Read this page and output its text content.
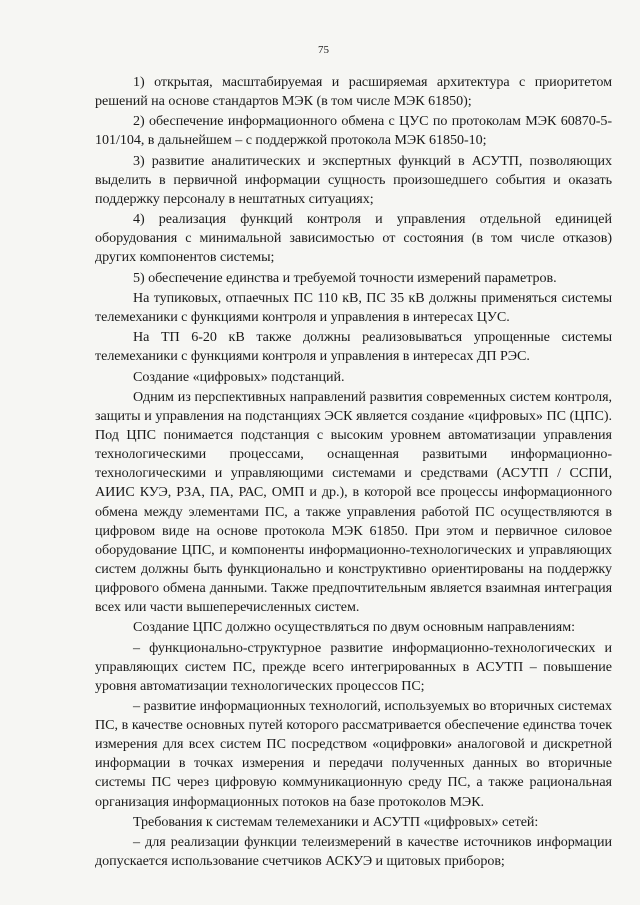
75

1) открытая, масштабируемая и расширяемая архитектура с приоритетом решений на основе стандартов МЭК (в том числе МЭК 61850);

2) обеспечение информационного обмена с ЦУС по протоколам МЭК 60870-5-101/104, в дальнейшем – с поддержкой протокола МЭК 61850-10;

3) развитие аналитических и экспертных функций в АСУТП, позволяющих выделить в первичной информации сущность произошедшего события и оказать поддержку персоналу в нештатных ситуациях;

4) реализация функций контроля и управления отдельной единицей оборудования с минимальной зависимостью от состояния (в том числе отказов) других компонентов системы;

5) обеспечение единства и требуемой точности измерений параметров.

На тупиковых, отпаечных ПС 110 кВ, ПС 35 кВ должны применяться системы телемеханики с функциями контроля и управления в интересах ЦУС.

На ТП 6-20 кВ также должны реализовываться упрощенные системы телемеханики с функциями контроля и управления в интересах ДП РЭС.

Создание «цифровых» подстанций.

Одним из перспективных направлений развития современных систем контроля, защиты и управления на подстанциях ЭСК является создание «цифровых» ПС (ЦПС). Под ЦПС понимается подстанция с высоким уровнем автоматизации управления технологическими процессами, оснащенная развитыми информационно-технологическими и управляющими системами и средствами (АСУТП / ССПИ, АИИС КУЭ, РЗА, ПА, РАС, ОМП и др.), в которой все процессы информационного обмена между элементами ПС, а также управления работой ПС осуществляются в цифровом виде на основе протокола МЭК 61850. При этом и первичное силовое оборудование ЦПС, и компоненты информационно-технологических и управляющих систем должны быть функционально и конструктивно ориентированы на поддержку цифрового обмена данными. Также предпочтительным является взаимная интеграция всех или части вышеперечисленных систем.

Создание ЦПС должно осуществляться по двум основным направлениям:

– функционально-структурное развитие информационно-технологических и управляющих систем ПС, прежде всего интегрированных в АСУТП – повышение уровня автоматизации технологических процессов ПС;

– развитие информационных технологий, используемых во вторичных системах ПС, в качестве основных путей которого рассматривается обеспечение единства точек измерения для всех систем ПС посредством «оцифровки» аналоговой и дискретной информации в точках измерения и передачи полученных данных во вторичные системы ПС через цифровую коммуникационную среду ПС, а также рациональная организация информационных потоков на базе протоколов МЭК.

Требования к системам телемеханики и АСУТП «цифровых» сетей:

– для реализации функции телеизмерений в качестве источников информации допускается использование счетчиков АСКУЭ и щитовых приборов;
